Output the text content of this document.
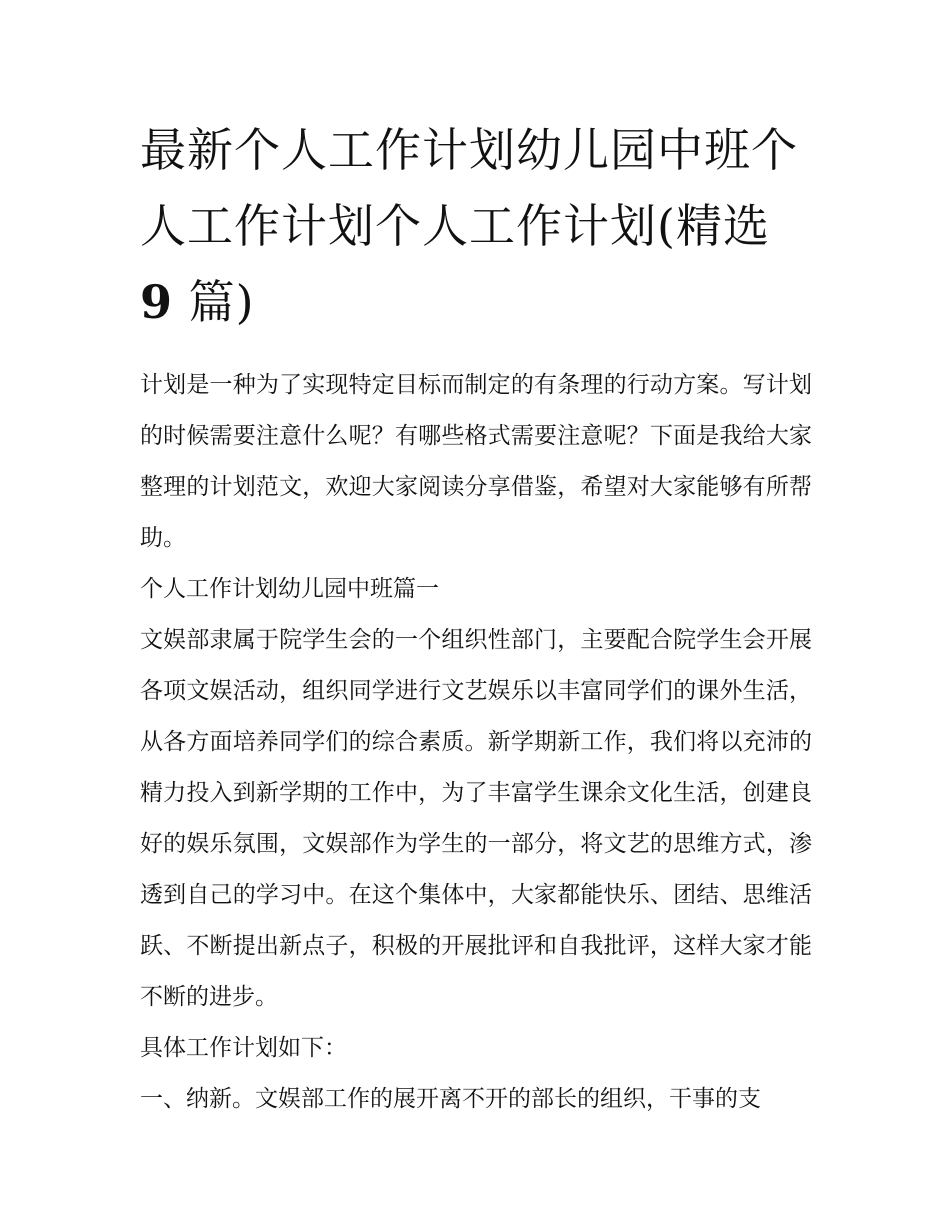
最新个人工作计划幼儿园中班个人工作计划个人工作计划(精选 9 篇)

计划是一种为了实现特定目标而制定的有条理的行动方案。写计划的时候需要注意什么呢？有哪些格式需要注意呢？下面是我给大家整理的计划范文，欢迎大家阅读分享借鉴，希望对大家能够有所帮助。

个人工作计划幼儿园中班篇一

文娱部隶属于院学生会的一个组织性部门，主要配合院学生会开展各项文娱活动，组织同学进行文艺娱乐以丰富同学们的课外生活，从各方面培养同学们的综合素质。新学期新工作，我们将以充沛的精力投入到新学期的工作中，为了丰富学生课余文化生活，创建良好的娱乐氛围，文娱部作为学生的一部分，将文艺的思维方式，渗透到自己的学习中。在这个集体中，大家都能快乐、团结、思维活跃、不断提出新点子，积极的开展批评和自我批评，这样大家才能不断的进步。

具体工作计划如下：

一、纳新。文娱部工作的展开离不开的部长的组织，干事的支
